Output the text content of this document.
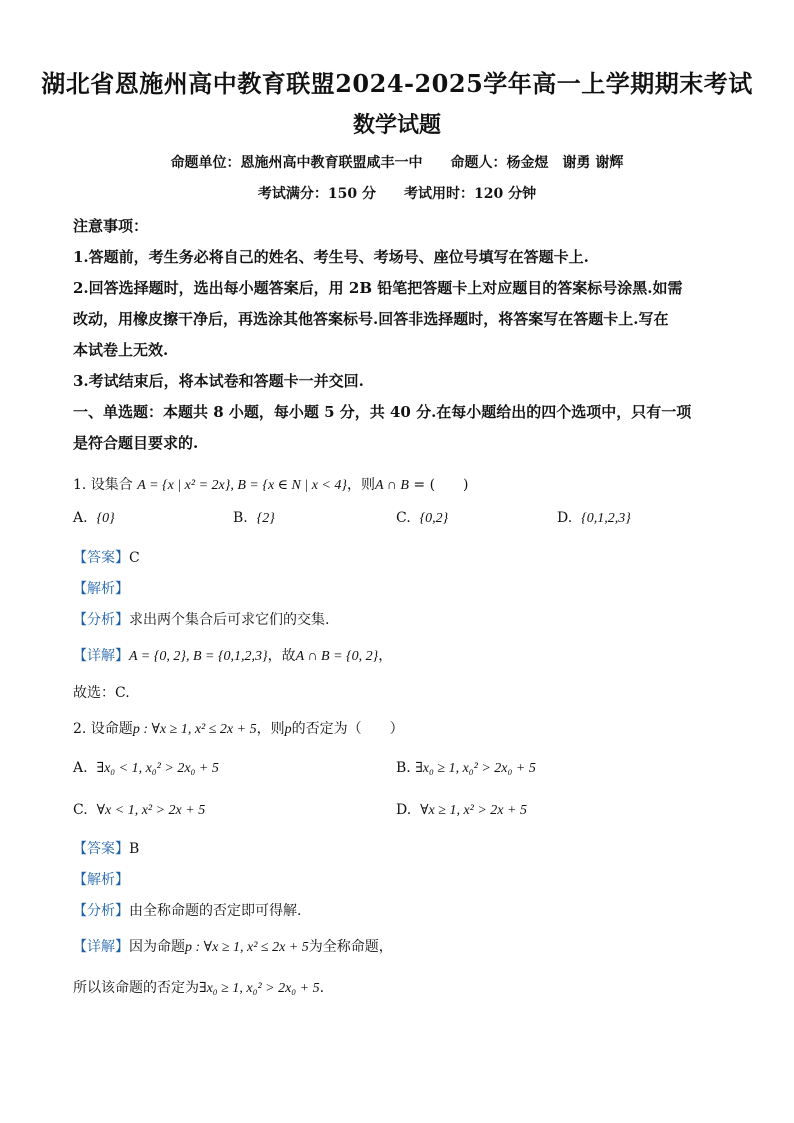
湖北省恩施州高中教育联盟2024-2025学年高一上学期期末考试
数学试题
命题单位：恩施州高中教育联盟咸丰一中　　命题人：杨金煜　谢勇 谢辉
考试满分：150 分　　考试用时：120 分钟
注意事项：
1.答题前，考生务必将自己的姓名、考生号、考场号、座位号填写在答题卡上.
2.回答选择题时，选出每小题答案后，用 2B 铅笔把答题卡上对应题目的答案标号涂黑.如需
改动，用橡皮擦干净后，再选涂其他答案标号.回答非选择题时，将答案写在答题卡上.写在
本试卷上无效.
3.考试结束后，将本试卷和答题卡一并交回.
一、单选题：本题共 8 小题，每小题 5 分，共 40 分.在每小题给出的四个选项中，只有一项
是符合题目要求的.
1. 设集合 A = {x | x² = 2x}, B = {x ∈ N | x < 4}，则A ∩ B = (　　)
A. {0}	B. {2}	C. {0,2}	D. {0,1,2,3}
【答案】C
【解析】
【分析】求出两个集合后可求它们的交集.
【详解】A = {0, 2}, B = {0,1,2,3}，故A ∩ B = {0, 2}，
故选：C.
2. 设命题p : ∀x ≥ 1, x² ≤ 2x + 5，则p的否定为（　　）
A. ∃x₀ < 1, x₀² > 2x₀ + 5	B. ∃x₀ ≥ 1, x₀² > 2x₀ + 5
C. ∀x < 1, x² > 2x + 5	D. ∀x ≥ 1, x² > 2x + 5
【答案】B
【解析】
【分析】由全称命题的否定即可得解.
【详解】因为命题p : ∀x ≥ 1, x² ≤ 2x + 5为全称命题，
所以该命题的否定为∃x₀ ≥ 1, x₀² > 2x₀ + 5.
